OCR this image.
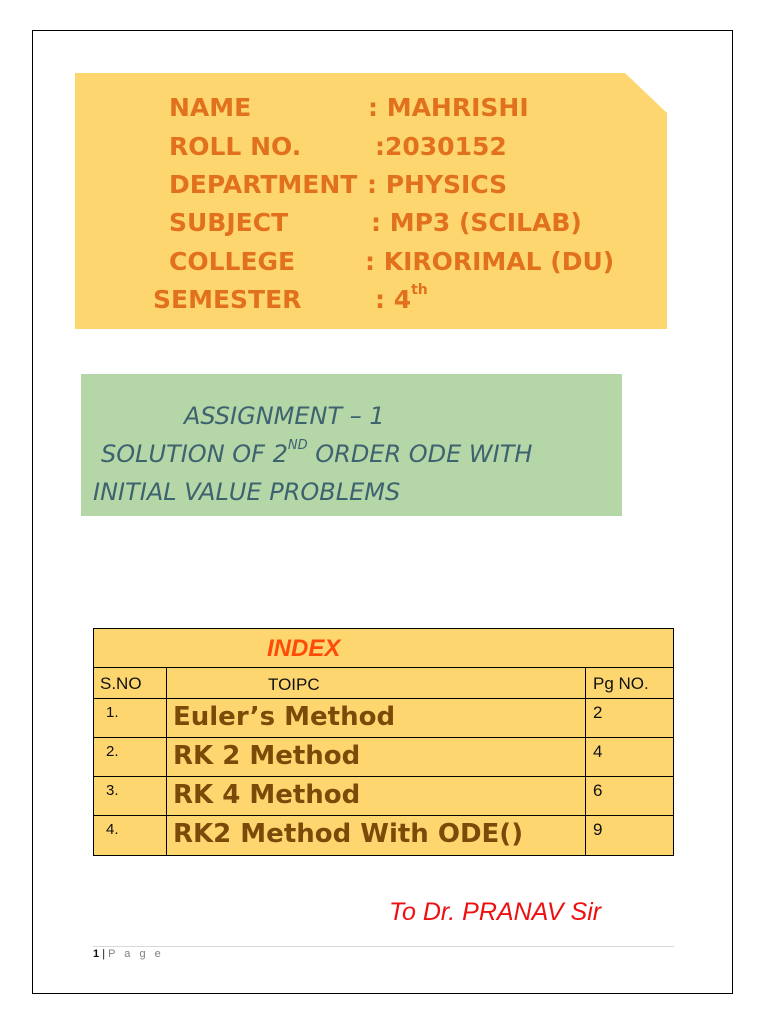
NAME	: MAHRISHI
ROLL NO.	:2030152
DEPARTMENT : PHYSICS
SUBJECT	: MP3 (SCILAB)
COLLEGE	: KIRORIMAL (DU)
SEMESTER	: 4th
ASSIGNMENT – 1
SOLUTION OF 2ND ORDER ODE WITH
INITIAL VALUE PROBLEMS
INDEX
S.NO	TOIPC	Pg NO.
1. Euler’s Method	2
2. RK 2 Method	4
3. RK 4 Method	6
4. RK2 Method With ODE()	9
To Dr. PRANAV Sir
1 | P a g e
